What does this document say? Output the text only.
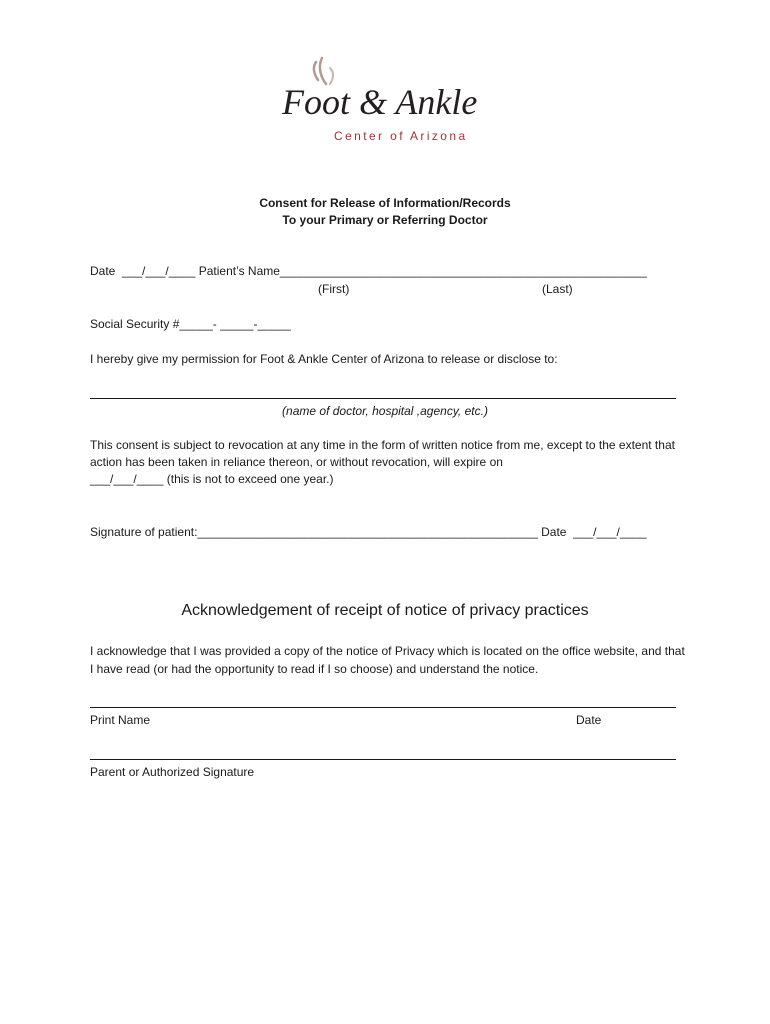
Foot & Ankle
Center of Arizona
Consent for Release of Information/Records
To your Primary or Referring Doctor
Date  ___/___/____ Patient’s Name_______________________________________________________
(First)	(Last)
Social Security #_____- _____-_____
I hereby give my permission for Foot & Ankle Center of Arizona to release or disclose to:
(name of doctor, hospital ,agency, etc.)
This consent is subject to revocation at any time in the form of written notice from me, except to the extent that action has been taken in reliance thereon, or without revocation, will expire on
___/___/____ (this is not to exceed one year.)
Signature of patient:___________________________________________________ Date  ___/___/____
Acknowledgement of receipt of notice of privacy practices
I acknowledge that I was provided a copy of the notice of Privacy which is located on the office website, and that I have read (or had the opportunity to read if I so choose) and understand the notice.
Print Name	Date
Parent or Authorized Signature
